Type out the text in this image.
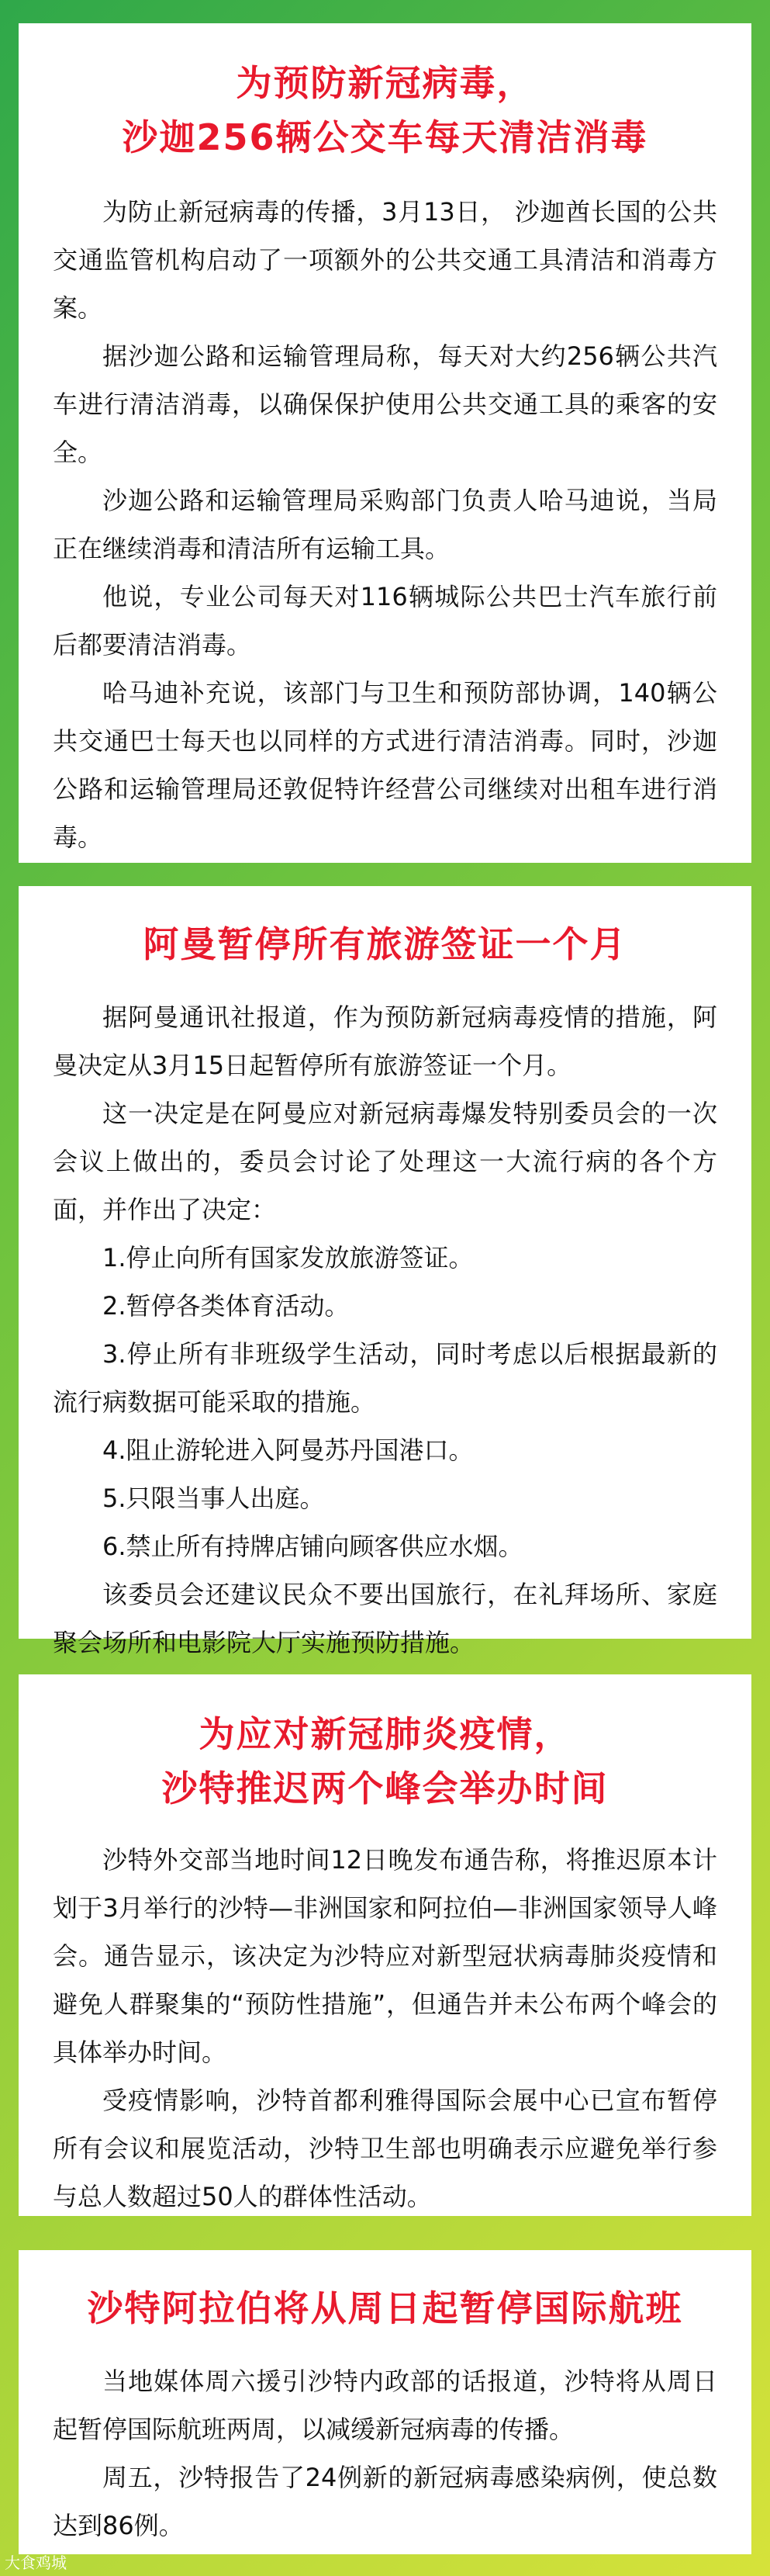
为预防新冠病毒，
沙迦256辆公交车每天清洁消毒

为防止新冠病毒的传播，3月13日， 沙迦酋长国的公共交通监管机构启动了一项额外的公共交通工具清洁和消毒方案。

据沙迦公路和运输管理局称，每天对大约256辆公共汽车进行清洁消毒，以确保保护使用公共交通工具的乘客的安全。

沙迦公路和运输管理局采购部门负责人哈马迪说，当局正在继续消毒和清洁所有运输工具。

他说，专业公司每天对116辆城际公共巴士汽车旅行前后都要清洁消毒。

哈马迪补充说，该部门与卫生和预防部协调，140辆公共交通巴士每天也以同样的方式进行清洁消毒。同时，沙迦公路和运输管理局还敦促特许经营公司继续对出租车进行消毒。

阿曼暂停所有旅游签证一个月

据阿曼通讯社报道，作为预防新冠病毒疫情的措施，阿曼决定从3月15日起暂停所有旅游签证一个月。

这一决定是在阿曼应对新冠病毒爆发特别委员会的一次会议上做出的，委员会讨论了处理这一大流行病的各个方面，并作出了决定：

1.停止向所有国家发放旅游签证。

2.暂停各类体育活动。

3.停止所有非班级学生活动，同时考虑以后根据最新的流行病数据可能采取的措施。

4.阻止游轮进入阿曼苏丹国港口。

5.只限当事人出庭。

6.禁止所有持牌店铺向顾客供应水烟。

该委员会还建议民众不要出国旅行，在礼拜场所、家庭聚会场所和电影院大厅实施预防措施。

为应对新冠肺炎疫情，
沙特推迟两个峰会举办时间

沙特外交部当地时间12日晚发布通告称，将推迟原本计划于3月举行的沙特—非洲国家和阿拉伯—非洲国家领导人峰会。通告显示，该决定为沙特应对新型冠状病毒肺炎疫情和避免人群聚集的“预防性措施”，但通告并未公布两个峰会的具体举办时间。

受疫情影响，沙特首都利雅得国际会展中心已宣布暂停所有会议和展览活动，沙特卫生部也明确表示应避免举行参与总人数超过50人的群体性活动。

沙特阿拉伯将从周日起暂停国际航班

当地媒体周六援引沙特内政部的话报道，沙特将从周日起暂停国际航班两周，以减缓新冠病毒的传播。

周五，沙特报告了24例新的新冠病毒感染病例，使总数达到86例。

大食鸡城
